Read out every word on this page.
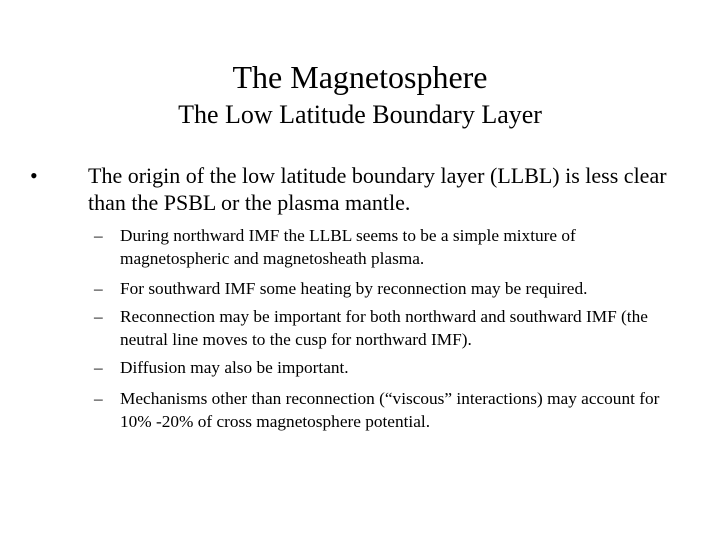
The Magnetosphere
The Low Latitude Boundary Layer
• The origin of the low latitude boundary layer (LLBL) is less clear than the PSBL or the plasma mantle.
– During northward IMF the LLBL seems to be a simple mixture of magnetospheric and magnetosheath plasma.
– For southward IMF some heating by reconnection may be required.
– Reconnection may be important for both northward and southward IMF (the neutral line moves to the cusp for northward IMF).
– Diffusion may also be important.
– Mechanisms other than reconnection (“viscous” interactions) may account for 10% -20% of cross magnetosphere potential.
